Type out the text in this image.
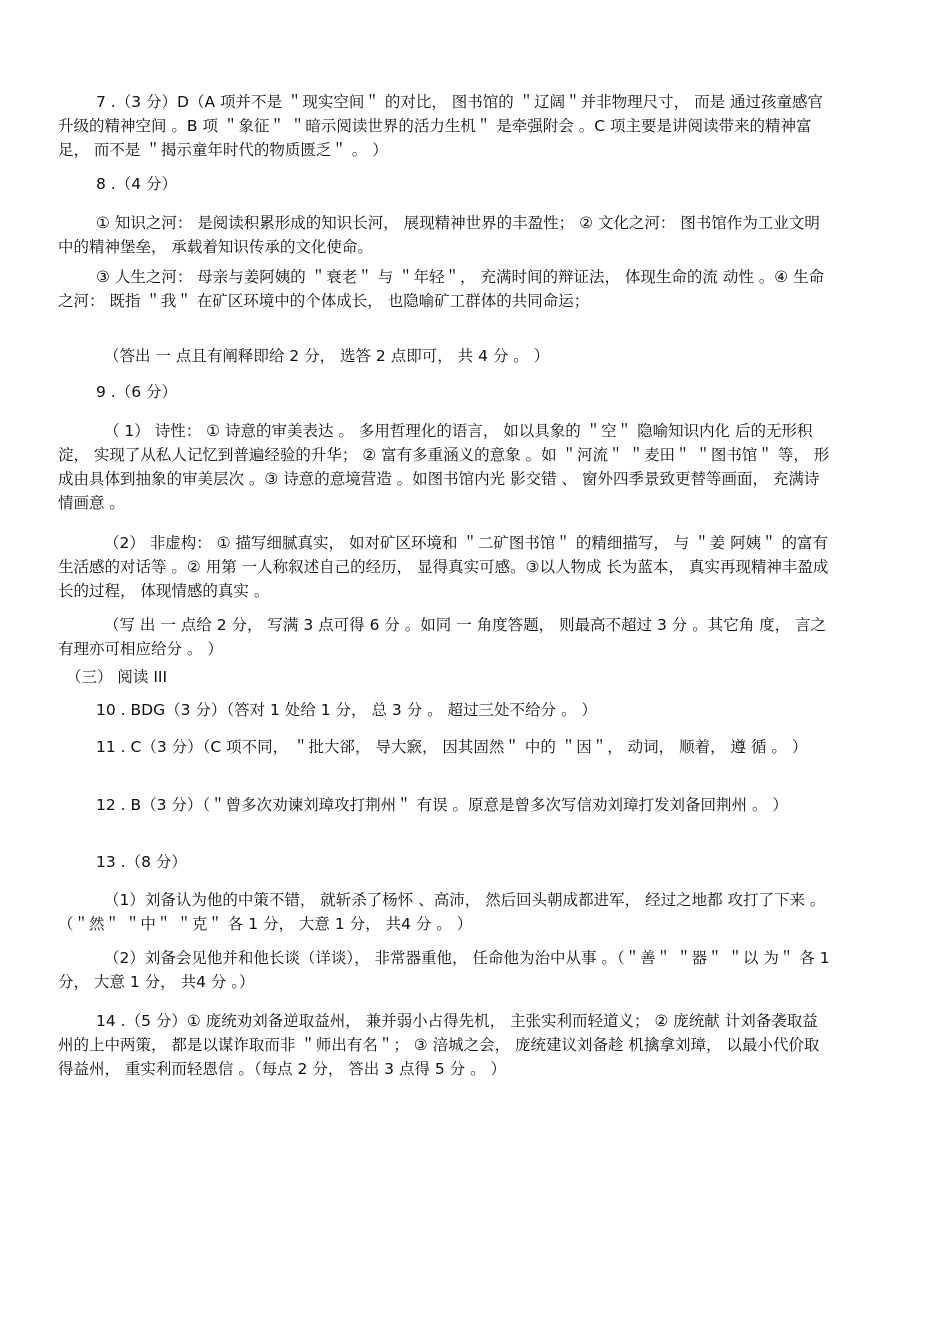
7 .（3 分）D（A 项并不是 ＂现实空间＂ 的对比， 图书馆的 ＂辽阔＂并非物理尺寸， 而是 通过孩童感官升级的精神空间 。B 项 ＂象征＂ ＂暗示阅读世界的活力生机＂ 是牵强附会 。C 项主要是讲阅读带来的精神富足， 而不是 ＂揭示童年时代的物质匮乏＂ 。 ）

8 .（4 分）

① 知识之河： 是阅读积累形成的知识长河， 展现精神世界的丰盈性； ② 文化之河： 图书馆作为工业文明中的精神堡垒， 承载着知识传承的文化使命。

③ 人生之河： 母亲与姜阿姨的 ＂衰老＂ 与 ＂年轻＂， 充满时间的辩证法， 体现生命的流 动性 。④ 生命之河： 既指 ＂我＂ 在矿区环境中的个体成长， 也隐喻矿工群体的共同命运；

（答出 一 点且有阐释即给 2 分， 选答 2 点即可， 共 4 分 。 ）

9 .（6 分）

（ 1） 诗性： ① 诗意的审美表达 。 多用哲理化的语言， 如以具象的 ＂空＂ 隐喻知识内化 后的无形积淀， 实现了从私人记忆到普遍经验的升华； ② 富有多重涵义的意象 。如 ＂河流＂ ＂麦田＂ ＂图书馆＂ 等， 形成由具体到抽象的审美层次 。③ 诗意的意境营造 。如图书馆内光 影交错 、 窗外四季景致更替等画面， 充满诗情画意 。

（2） 非虚构： ① 描写细腻真实， 如对矿区环境和 ＂二矿图书馆＂ 的精细描写， 与 ＂姜 阿姨＂ 的富有生活感的对话等 。② 用第 一人称叙述自己的经历， 显得真实可感。③以人物成 长为蓝本， 真实再现精神丰盈成长的过程， 体现情感的真实 。

（写 出 一 点给 2 分， 写满 3 点可得 6 分 。如同 一 角度答题， 则最高不超过 3 分 。其它角 度， 言之有理亦可相应给分 。 ）

（三） 阅读 III

10 . BDG（3 分）（答对 1 处给 1 分， 总 3 分 。 超过三处不给分 。 ）

11 . C（3 分）（C 项不同， ＂批大郤， 导大窾， 因其固然＂ 中的 ＂因＂， 动词， 顺着， 遵 循 。 ）

12 . B（3 分）（＂曾多次劝谏刘璋攻打荆州＂ 有误 。原意是曾多次写信劝刘璋打发刘备回荆州 。 ）

13 .（8 分）

（1）刘备认为他的中策不错， 就斩杀了杨怀 、高沛， 然后回头朝成都进军， 经过之地都 攻打了下来 。（＂然＂ ＂中＂ ＂克＂ 各 1 分， 大意 1 分， 共4 分 。 ）

（2）刘备会见他并和他长谈（详谈）， 非常器重他， 任命他为治中从事 。（＂善＂ ＂器＂ ＂以 为＂ 各 1 分， 大意 1 分， 共4 分 。）

14 .（5 分）① 庞统劝刘备逆取益州， 兼并弱小占得先机， 主张实利而轻道义； ② 庞统献 计刘备袭取益州的上中两策， 都是以谋诈取而非 ＂师出有名＂； ③ 涪城之会， 庞统建议刘备趁 机擒拿刘璋， 以最小代价取得益州， 重实利而轻恩信 。（每点 2 分， 答出 3 点得 5 分 。 ）
